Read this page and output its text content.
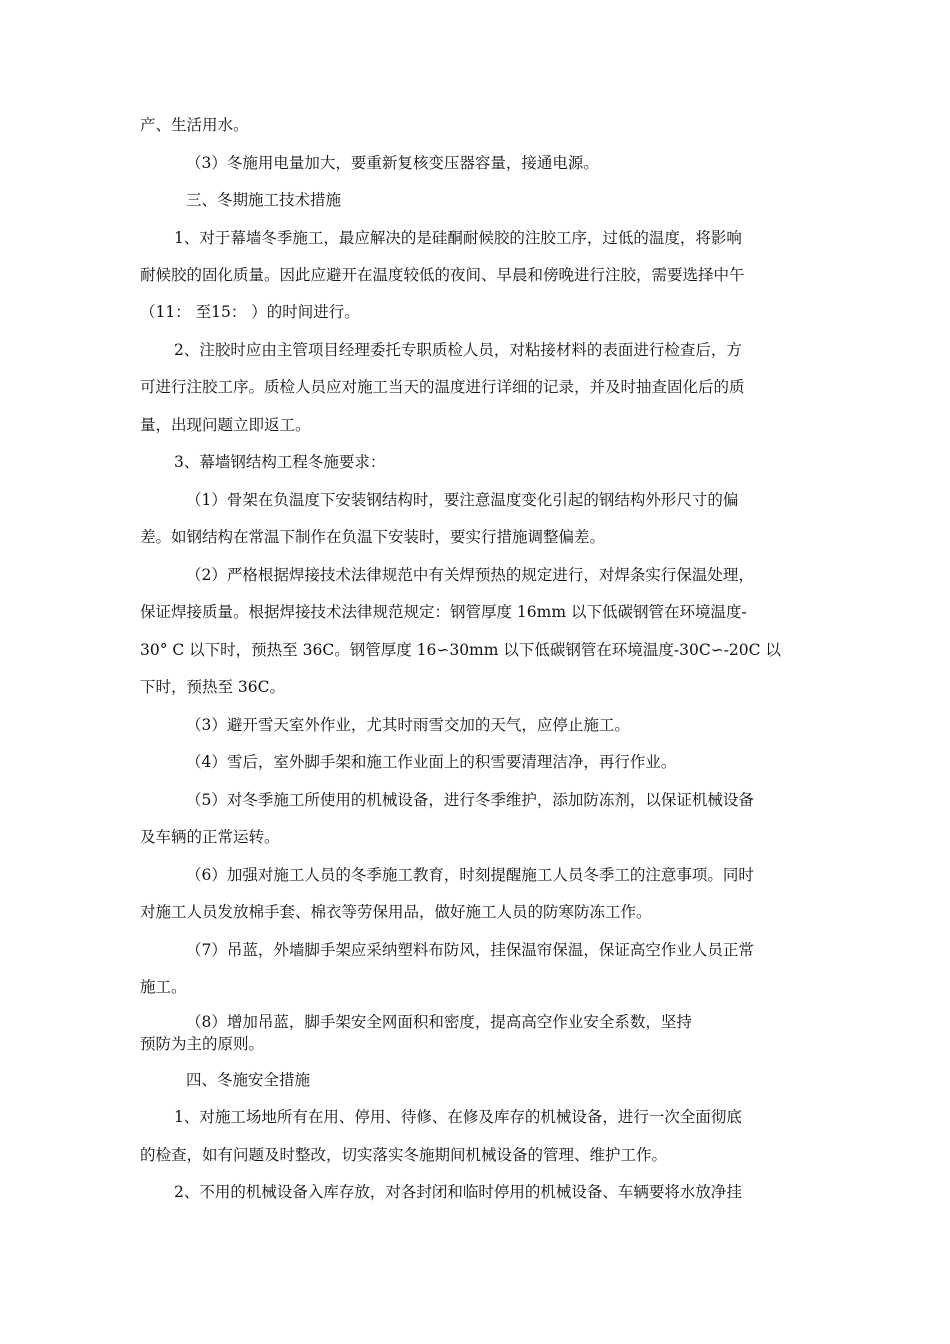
产、生活用水。

（3）冬施用电量加大，要重新复核变压器容量，接通电源。

三、冬期施工技术措施

1、对于幕墙冬季施工，最应解决的是硅酮耐候胶的注胶工序，过低的温度，将影响

耐候胶的固化质量。因此应避开在温度较低的夜间、早晨和傍晚进行注胶，需要选择中午

（11： 至15： ）的时间进行。

2、注胶时应由主管项目经理委托专职质检人员，对粘接材料的表面进行检查后，方

可进行注胶工序。质检人员应对施工当天的温度进行详细的记录，并及时抽查固化后的质

量，出现问题立即返工。

3、幕墙钢结构工程冬施要求：

（1）骨架在负温度下安装钢结构时，要注意温度变化引起的钢结构外形尺寸的偏

差。如钢结构在常温下制作在负温下安装时，要实行措施调整偏差。

（2）严格根据焊接技术法律规范中有关焊预热的规定进行，对焊条实行保温处理，

保证焊接质量。根据焊接技术法律规范规定：钢管厚度 16mm 以下低碳钢管在环境温度-

30° C 以下时，预热至 36C。钢管厚度 16∽30mm 以下低碳钢管在环境温度-30C∽-20C 以

下时，预热至 36C。

（3）避开雪天室外作业，尤其时雨雪交加的天气，应停止施工。

（4）雪后，室外脚手架和施工作业面上的积雪要清理洁净，再行作业。

（5）对冬季施工所使用的机械设备，进行冬季维护，添加防冻剂，以保证机械设备

及车辆的正常运转。

（6）加强对施工人员的冬季施工教育，时刻提醒施工人员冬季工的注意事项。同时

对施工人员发放棉手套、棉衣等劳保用品，做好施工人员的防寒防冻工作。

（7）吊蓝，外墙脚手架应采纳塑料布防风，挂保温帘保温，保证高空作业人员正常

施工。

（8）增加吊蓝，脚手架安全网面积和密度，提高高空作业安全系数，坚持

预防为主的原则。

四、冬施安全措施

1、对施工场地所有在用、停用、待修、在修及库存的机械设备，进行一次全面彻底

的检查，如有问题及时整改，切实落实冬施期间机械设备的管理、维护工作。

2、不用的机械设备入库存放，对各封闭和临时停用的机械设备、车辆要将水放净挂
